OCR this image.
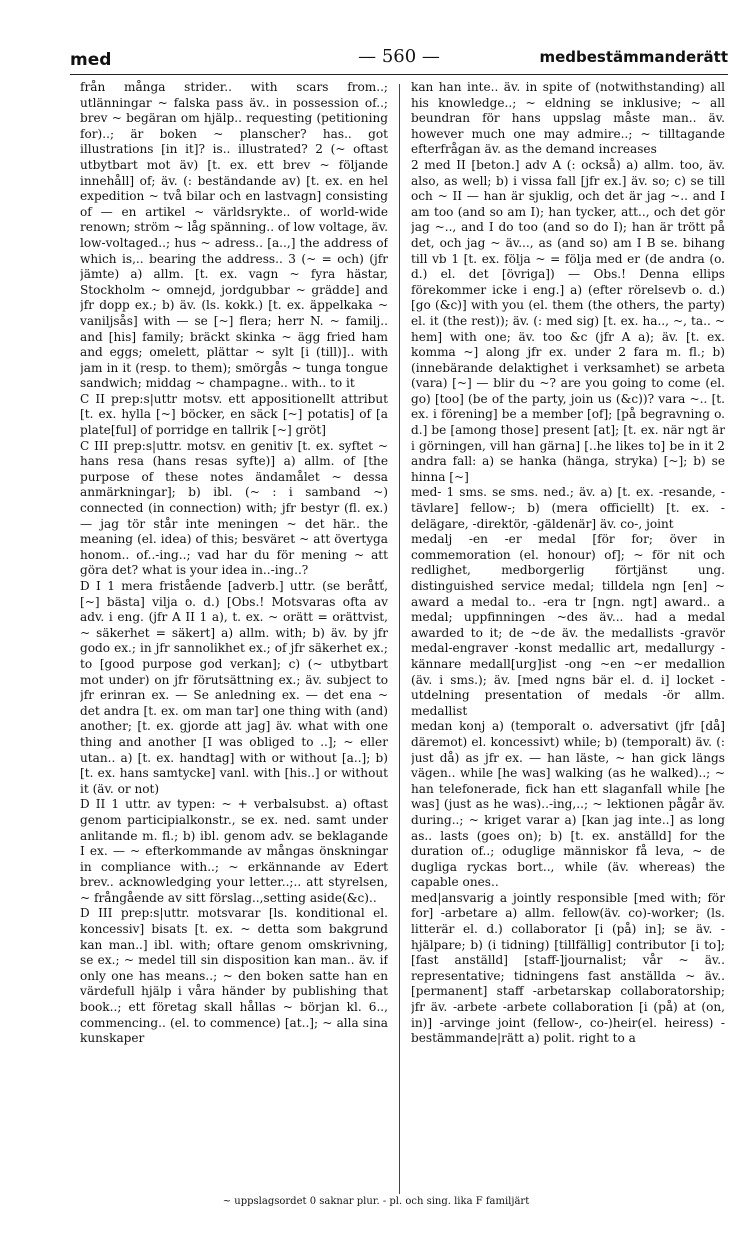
med	— 560 —	medbestämmanderätt

från många strider.. with scars from..; utlänningar ~ falska pass äv.. in possession of..; brev ~ begäran om hjälp.. requesting (petitioning for)..; är boken ~ planscher? has.. got illustrations [in it]? is.. illustrated? 2 (~ oftast utbytbart mot äv) [t. ex. ett brev ~ följande innehåll] of; äv. (: beständande av) [t. ex. en hel expedition ~ två bilar och en lastvagn] consisting of — en artikel ~ världsrykte.. of world-wide renown; ström ~ låg spänning.. of low voltage, äv. low-voltaged..; hus ~ adress.. [a..,] the address of which is,.. bearing the address.. 3 (~ = och) (jfr jämte) a) allm. [t. ex. vagn ~ fyra hästar, Stockholm ~ omnejd, jordgubbar ~ grädde] and jfr dopp ex.; b) äv. (ls. kokk.) [t. ex. äppelkaka ~ vaniljsås] with — se [~] flera; herr N. ~ familj.. and [his] family; bräckt skinka ~ ägg fried ham and eggs; omelett, plättar ~ sylt [i (till)].. with jam in it (resp. to them); smörgås ~ tunga tongue sandwich; middag ~ champagne.. with.. to it

C II prep:s|uttr motsv. ett appositionellt attribut [t. ex. hylla [~] böcker, en säck [~] potatis] of [a plate[ful] of porridge en tallrik [~] gröt]

C III prep:s|uttr. motsv. en genitiv [t. ex. syftet ~ hans resa (hans resas syfte)] a) allm. of [the purpose of these notes ändamålet ~ dessa anmärkningar]; b) ibl. (~ : i samband ~) connected (in connection) with; jfr bestyr (fl. ex.) — jag tör står inte meningen ~ det här.. the meaning (el. idea) of this; besväret ~ att övertyga honom.. of..-ing..; vad har du för mening ~ att göra det? what is your idea in..-ing..?

D I 1 mera fristående [adverb.] uttr. (se beråtť, [~] bästa] vilja o. d.) [Obs.! Motsvaras ofta av adv. i eng. (jfr A II 1 a), t. ex. ~ orätt = orättvist, ~ säkerhet = säkert] a) allm. with; b) äv. by jfr godo ex.; in jfr sannolikhet ex.; of jfr säkerhet ex.; to [good purpose god verkan]; c) (~ utbytbart mot under) on jfr förutsättning ex.; äv. subject to jfr erinran ex. — Se anledning ex. — det ena ~ det andra [t. ex. om man tar] one thing with (and) another; [t. ex. gjorde att jag] äv. what with one thing and another [I was obliged to ..]; ~ eller utan.. a) [t. ex. handtag] with or without [a..]; b) [t. ex. hans samtycke] vanl. with [his..] or without it (äv. or not)

D II 1 uttr. av typen: ~ + verbalsubst. a) oftast genom participialkonstr., se ex. ned. samt under anlitande m. fl.; b) ibl. genom adv. se beklagande I ex. — ~ efterkommande av mångas önskningar in compliance with..; ~ erkännande av Edert brev.. acknowledging your letter..;.. att styrelsen, ~ frångående av sitt förslag..,setting aside(&c)..

D III prep:s|uttr. motsvarar [ls. konditional el. koncessiv] bisats [t. ex. ~ detta som bakgrund kan man..] ibl. with; oftare genom omskrivning, se ex.; ~ medel till sin disposition kan man.. äv. if only one has means..; ~ den boken satte han en värdefull hjälp i våra händer by publishing that book..; ett företag skall hållas ~ början kl. 6.., commencing.. (el. to commence) [at..]; ~ alla sina kunskaper

kan han inte.. äv. in spite of (notwithstanding) all his knowledge..; ~ eldning se inklusive; ~ all beundran för hans uppslag måste man.. äv. however much one may admire..; ~ tilltagande efterfrågan äv. as the demand increases

2 med II [beton.] adv A (: också) a) allm. too, äv. also, as well; b) i vissa fall [jfr ex.] äv. so; c) se till och ~ II — han är sjuklig, och det är jag ~.. and I am too (and so am I); han tycker, att.., och det gör jag ~.., and I do too (and so do I); han är trött på det, och jag ~ äv..., as (and so) am I B se. bihang till vb 1 [t. ex. följa ~ = följa med er (de andra (o. d.) el. det [övriga]) — Obs.! Denna ellips förekommer icke i eng.] a) (efter rörelsevb o. d.) [go (&c)] with you (el. them (the others, the party) el. it (the rest)); äv. (: med sig) [t. ex. ha.., ~, ta.. ~ hem] with one; äv. too &c (jfr A a); äv. [t. ex. komma ~] along jfr ex. under 2 fara m. fl.; b) (innebärande delaktighet i verksamhet) se arbeta (vara) [~] — blir du ~? are you going to come (el. go) [too] (be of the party, join us (&c))? vara ~.. [t. ex. i förening] be a member [of]; [på begravning o. d.] be [among those] present [at]; [t. ex. när ngt är i görningen, vill han gärna] [..he likes to] be in it 2 andra fall: a) se hanka (hänga, stryka) [~]; b) se hinna [~]

med- 1 sms. se sms. ned.; äv. a) [t. ex. -resande, -tävlare] fellow-; b) (mera officiellt) [t. ex. -delägare, -direktör, -gäldenär] äv. co-, joint

medalj -en -er medal [för for; över in commemoration (el. honour) of]; ~ för nit och redlighet, medborgerlig förtjänst ung. distinguished service medal; tilldela ngn [en] ~ award a medal to.. -era tr [ngn. ngt] award.. a medal; uppfinningen ~des äv... had a medal awarded to it; de ~de äv. the medallists -gravör medal-engraver -konst medallic art, medallurgy -kännare medall[urg]ist -ong ~en ~er medallion (äv. i sms.); äv. [med ngns bär el. d. i] locket -utdelning presentation of medals -ör allm. medallist

medan konj a) (temporalt o. adversativt (jfr [då] däremot) el. koncessivt) while; b) (temporalt) äv. (: just då) as jfr ex. — han läste, ~ han gick längs vägen.. while [he was] walking (as he walked)..; ~ han telefonerade, fick han ett slaganfall while [he was] (just as he was)..-ing,..; ~ lektionen pågår äv. during..; ~ kriget varar a) [kan jag inte..] as long as.. lasts (goes on); b) [t. ex. anställd] for the duration of..; oduglige människor få leva, ~ de dugliga ryckas bort.., while (äv. whereas) the capable ones..

med|ansvarig a jointly responsible [med with; för for] -arbetare a) allm. fellow(äv. co)-worker; (ls. litterär el. d.) collaborator [i (på) in]; se äv. -hjälpare; b) (i tidning) [tillfällig] contributor [i to]; [fast anställd] [staff-]journalist; vår ~ äv.. representative; tidningens fast anställda ~ äv.. [permanent] staff -arbetarskap collaboratorship; jfr äv. -arbete -arbete collaboration [i (på) at (on, in)] -arvinge joint (fellow-, co-)heir(el. heiress) -bestämmande|rätt a) polit. right to a

~ uppslagsordet 0 saknar plur. - pl. och sing. lika F familjärt
